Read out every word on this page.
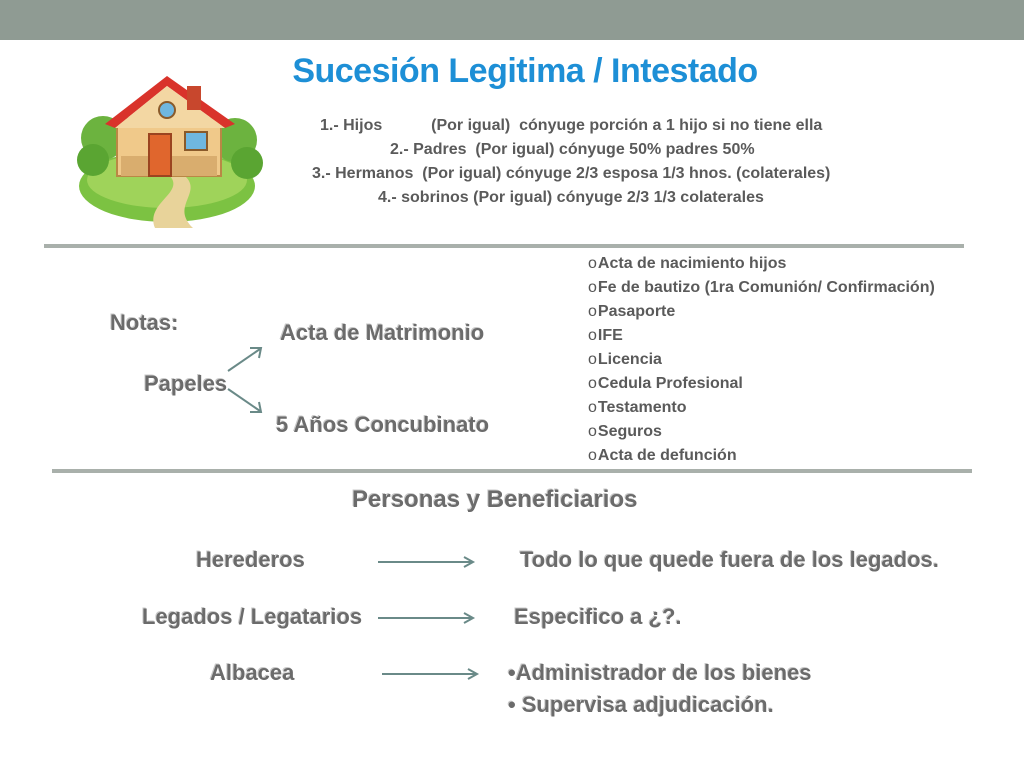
Sucesión Legitima / Intestado
1.- Hijos           (Por igual)  cónyuge porción a 1 hijo si no tiene ella
2.- Padres  (Por igual) cónyuge 50% padres 50%
3.- Hermanos  (Por igual) cónyuge 2/3 esposa 1/3 hnos. (colaterales)
4.- sobrinos (Por igual) cónyuge 2/3 1/3 colaterales
Notas:
Papeles
Acta de Matrimonio
5 Años Concubinato
oActa de nacimiento hijos
oFe de bautizo (1ra Comunión/ Confirmación)
oPasaporte
oIFE
oLicencia
oCedula Profesional
oTestamento
oSeguros
oActa de defunción
Personas y Beneficiarios
Herederos	Todo lo que quede fuera de los legados.
Legados / Legatarios	Especifico a ¿?.
Albacea	•Administrador de los bienes
• Supervisa adjudicación.
